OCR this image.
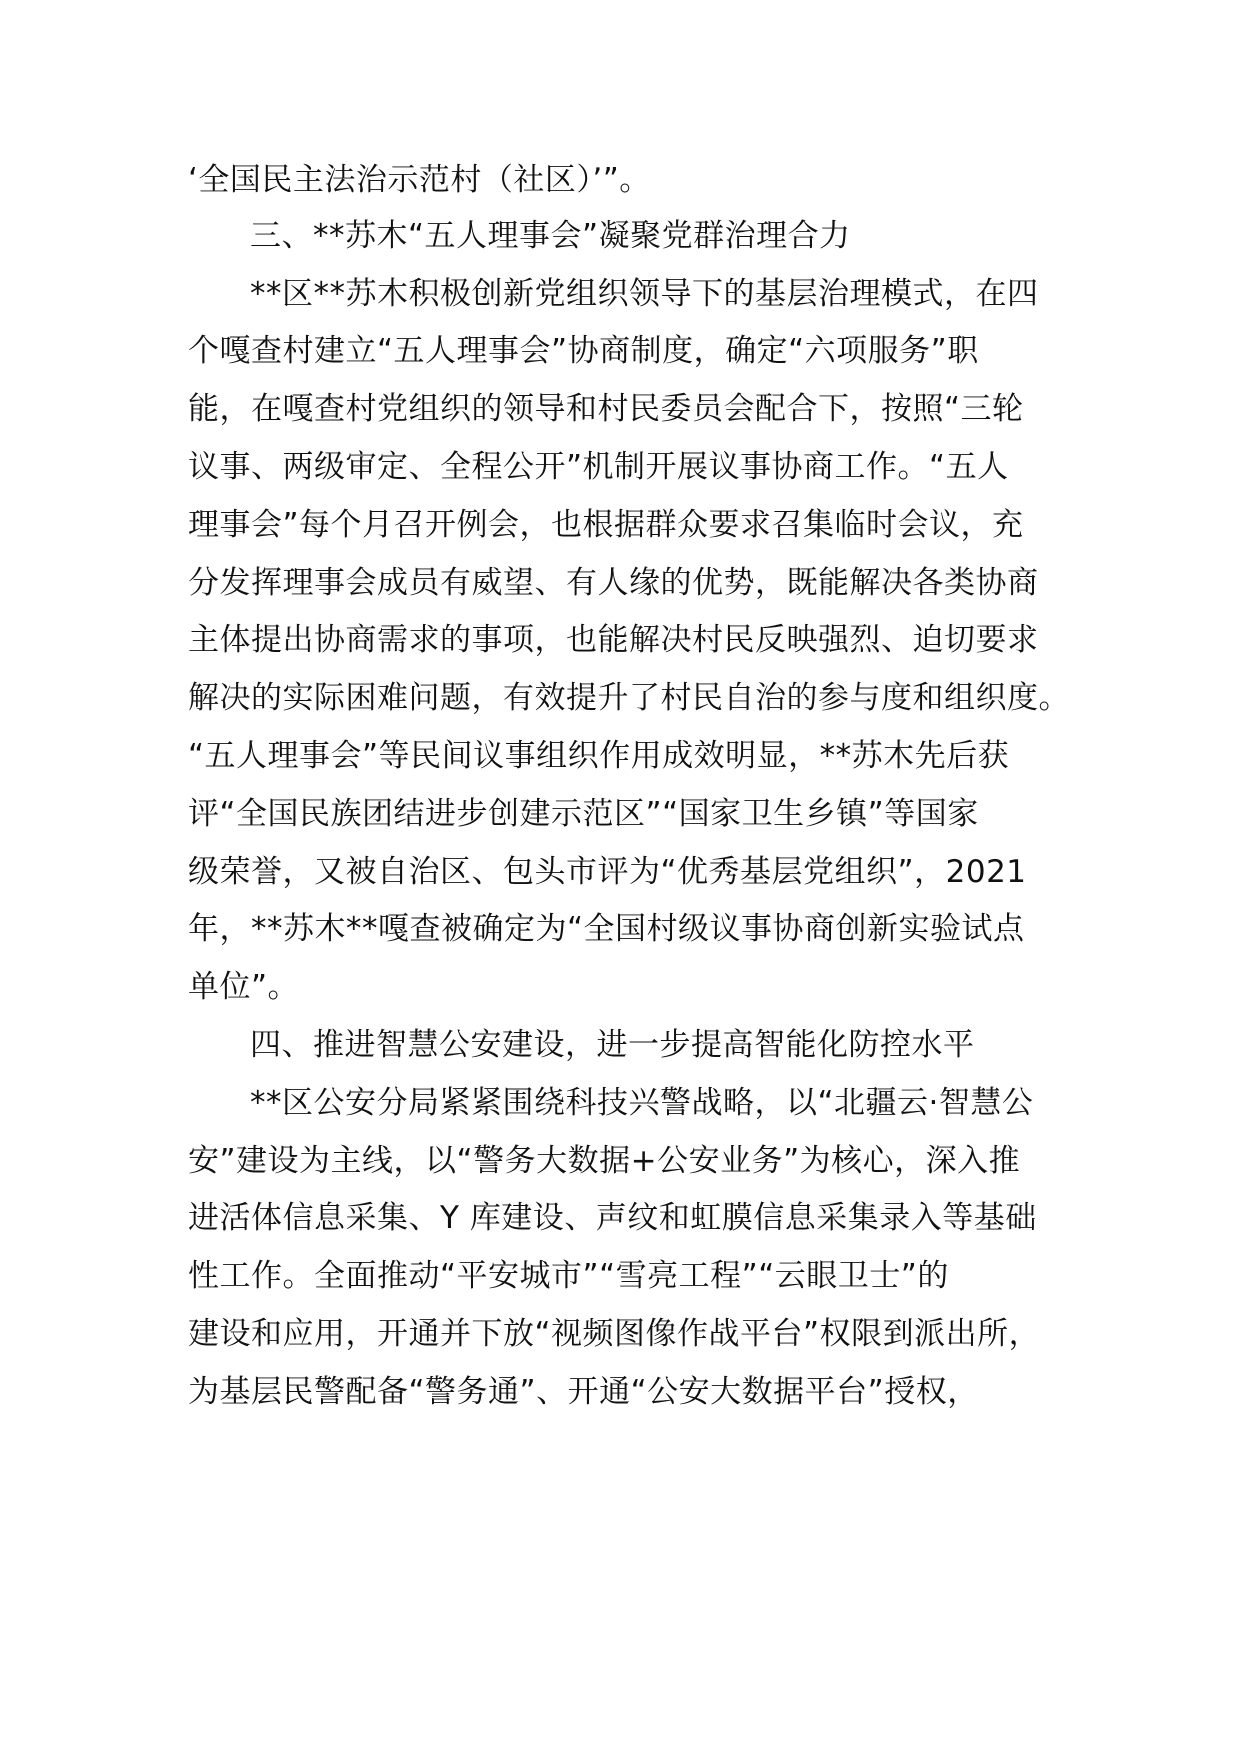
‘全国民主法治示范村（社区）’”。
三、**苏木“五人理事会”凝聚党群治理合力
**区**苏木积极创新党组织领导下的基层治理模式，在四
个嘎查村建立“五人理事会”协商制度，确定“六项服务”职
能，在嘎查村党组织的领导和村民委员会配合下，按照“三轮
议事、两级审定、全程公开”机制开展议事协商工作。“五人
理事会”每个月召开例会，也根据群众要求召集临时会议，充
分发挥理事会成员有威望、有人缘的优势，既能解决各类协商
主体提出协商需求的事项，也能解决村民反映强烈、迫切要求
解决的实际困难问题，有效提升了村民自治的参与度和组织度。
“五人理事会”等民间议事组织作用成效明显，**苏木先后获
评“全国民族团结进步创建示范区”“国家卫生乡镇”等国家
级荣誉，又被自治区、包头市评为“优秀基层党组织”，2021
年，**苏木**嘎查被确定为“全国村级议事协商创新实验试点
单位”。
四、推进智慧公安建设，进一步提高智能化防控水平
**区公安分局紧紧围绕科技兴警战略，以“北疆云·智慧公
安”建设为主线，以“警务大数据+公安业务”为核心，深入推
进活体信息采集、Y 库建设、声纹和虹膜信息采集录入等基础
性工作。全面推动“平安城市”“雪亮工程”“云眼卫士”的
建设和应用，开通并下放“视频图像作战平台”权限到派出所，
为基层民警配备“警务通”、开通“公安大数据平台”授权，
